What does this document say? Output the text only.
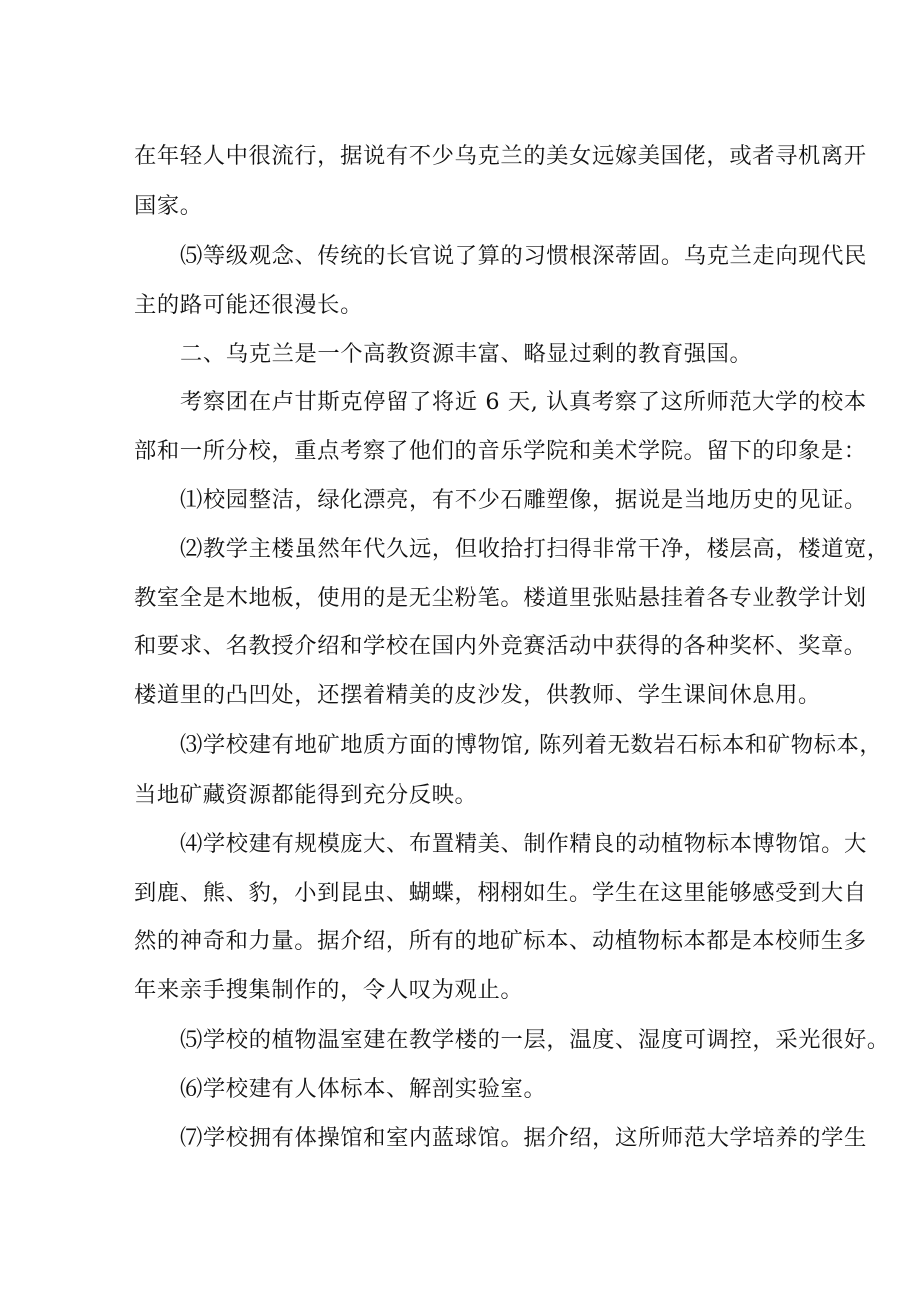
在年轻人中很流行，据说有不少乌克兰的美女远嫁美国佬，或者寻机离开
国家。
⑸等级观念、传统的长官说了算的习惯根深蒂固。乌克兰走向现代民
主的路可能还很漫长。
二、乌克兰是一个高教资源丰富、略显过剩的教育强国。
考察团在卢甘斯克停留了将近 6 天, 认真考察了这所师范大学的校本
部和一所分校，重点考察了他们的音乐学院和美术学院。留下的印象是：
⑴校园整洁，绿化漂亮，有不少石雕塑像，据说是当地历史的见证。
⑵教学主楼虽然年代久远，但收拾打扫得非常干净，楼层高，楼道宽，
教室全是木地板，使用的是无尘粉笔。楼道里张贴悬挂着各专业教学计划
和要求、名教授介绍和学校在国内外竞赛活动中获得的各种奖杯、奖章。
楼道里的凸凹处，还摆着精美的皮沙发，供教师、学生课间休息用。
⑶学校建有地矿地质方面的博物馆, 陈列着无数岩石标本和矿物标本，
当地矿藏资源都能得到充分反映。
⑷学校建有规模庞大、布置精美、制作精良的动植物标本博物馆。大
到鹿、熊、豹，小到昆虫、蝴蝶，栩栩如生。学生在这里能够感受到大自
然的神奇和力量。据介绍，所有的地矿标本、动植物标本都是本校师生多
年来亲手搜集制作的，令人叹为观止。
⑸学校的植物温室建在教学楼的一层，温度、湿度可调控，采光很好。
⑹学校建有人体标本、解剖实验室。
⑺学校拥有体操馆和室内蓝球馆。据介绍，这所师范大学培养的学生
